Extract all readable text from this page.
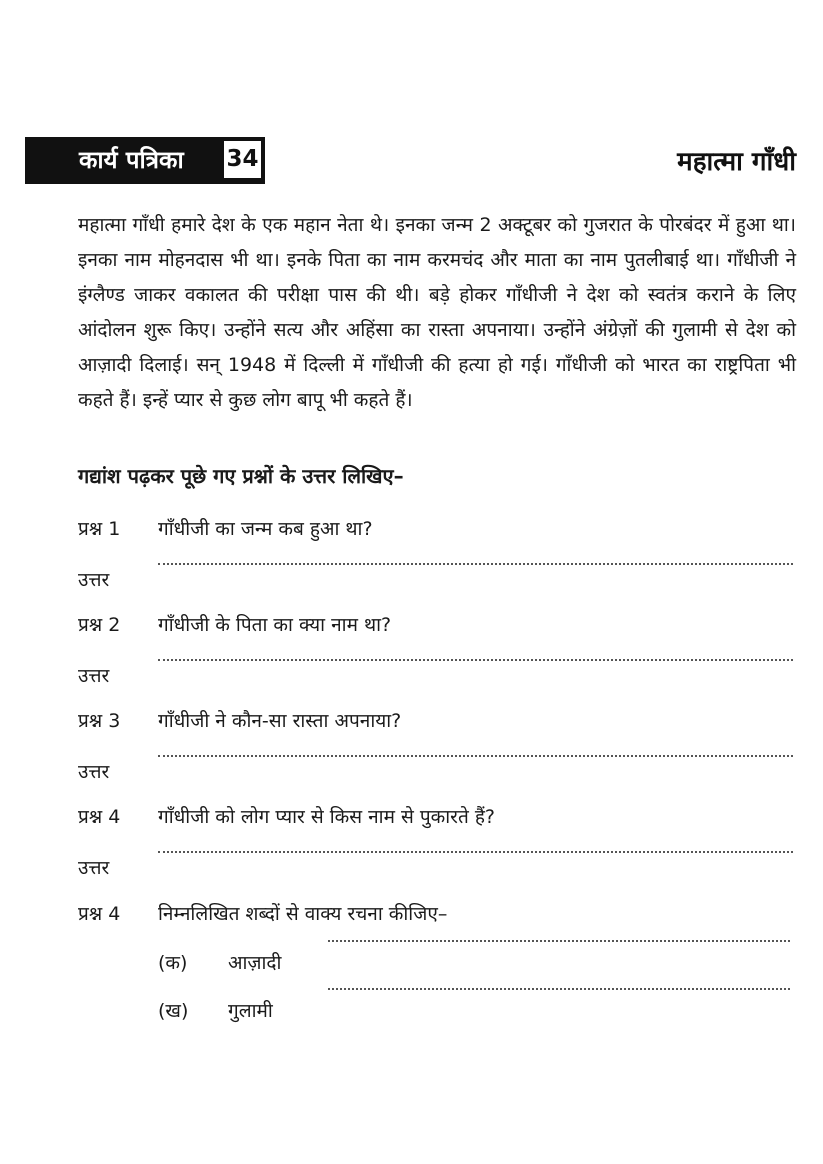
कार्य पत्रिका 34	महात्मा गाँधी

महात्मा गाँधी हमारे देश के एक महान नेता थे। इनका जन्म 2 अक्टूबर को गुजरात के पोरबंदर में हुआ था। इनका नाम मोहनदास भी था। इनके पिता का नाम करमचंद और माता का नाम पुतलीबाई था। गाँधीजी ने इंग्लैण्ड जाकर वकालत की परीक्षा पास की थी। बड़े होकर गाँधीजी ने देश को स्वतंत्र कराने के लिए आंदोलन शुरू किए। उन्होंने सत्य और अहिंसा का रास्ता अपनाया। उन्होंने अंग्रेज़ों की गुलामी से देश को आज़ादी दिलाई। सन् 1948 में दिल्ली में गाँधीजी की हत्या हो गई। गाँधीजी को भारत का राष्ट्रपिता भी कहते हैं। इन्हें प्यार से कुछ लोग बापू भी कहते हैं।

गद्यांश पढ़कर पूछे गए प्रश्नों के उत्तर लिखिए–
प्रश्न 1 गाँधीजी का जन्म कब हुआ था?
उत्तर
प्रश्न 2 गाँधीजी के पिता का क्या नाम था?
उत्तर
प्रश्न 3 गाँधीजी ने कौन-सा रास्ता अपनाया?
उत्तर
प्रश्न 4 गाँधीजी को लोग प्यार से किस नाम से पुकारते हैं?
उत्तर
प्रश्न 4 निम्नलिखित शब्दों से वाक्य रचना कीजिए–
(क) आज़ादी
(ख) गुलामी
